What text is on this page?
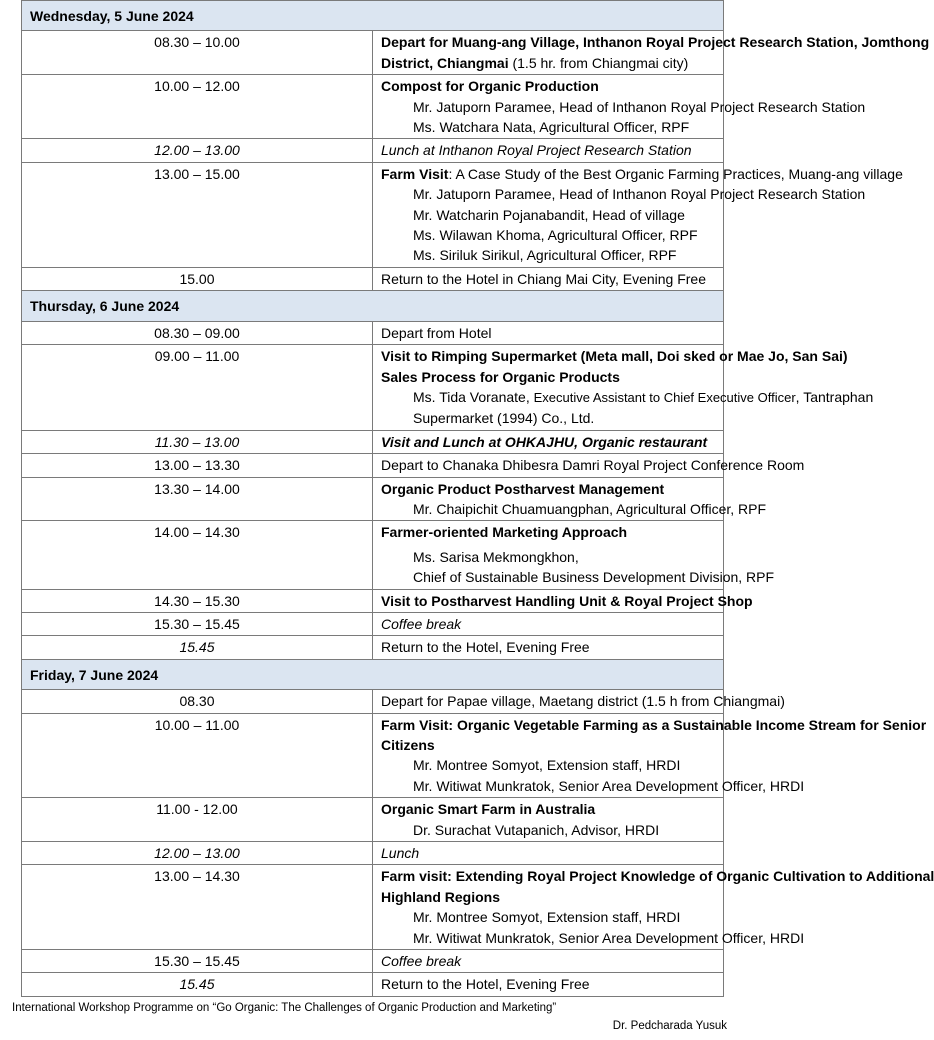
Wednesday, 5 June 2024	
08.30 – 10.00	Depart for Muang-ang Village, Inthanon Royal Project Research Station, Jomthong
District, Chiangmai (1.5 hr. from Chiangmai city)

10.00 – 12.00	Compost for Organic Production
Mr. Jatuporn Paramee, Head of Inthanon Royal Project Research Station
Ms. Watchara Nata, Agricultural Officer, RPF

12.00 – 13.00	Lunch at Inthanon Royal Project Research Station

13.00 – 15.00	Farm Visit: A Case Study of the Best Organic Farming Practices, Muang-ang village
Mr. Jatuporn Paramee, Head of Inthanon Royal Project Research Station
Mr. Watcharin Pojanabandit, Head of village
Ms. Wilawan Khoma, Agricultural Officer, RPF
Ms. Siriluk Sirikul, Agricultural Officer, RPF

15.00	Return to the Hotel in Chiang Mai City, Evening Free

Thursday, 6 June 2024	
08.30 – 09.00	Depart from Hotel

09.00 – 11.00	Visit to Rimping Supermarket (Meta mall, Doi sked or Mae Jo, San Sai)
Sales Process for Organic Products
Ms. Tida Voranate, Executive Assistant to Chief Executive Officer, Tantraphan
Supermarket (1994) Co., Ltd.

11.30 – 13.00	Visit and Lunch at OHKAJHU, Organic restaurant

13.00 – 13.30	Depart to Chanaka Dhibesra Damri Royal Project Conference Room

13.30 – 14.00	Organic Product Postharvest Management
Mr. Chaipichit Chuamuangphan, Agricultural Officer, RPF

14.00 – 14.30	Farmer-oriented Marketing Approach

Ms. Sarisa Mekmongkhon,
Chief of Sustainable Business Development Division, RPF

14.30 – 15.30	Visit to Postharvest Handling Unit & Royal Project Shop

15.30 – 15.45	Coffee break

15.45	Return to the Hotel, Evening Free

Friday, 7 June 2024	
08.30	Depart for Papae village, Maetang district (1.5 h from Chiangmai)

10.00 – 11.00	Farm Visit: Organic Vegetable Farming as a Sustainable Income Stream for Senior
Citizens
Mr. Montree Somyot, Extension staff, HRDI
Mr. Witiwat Munkratok, Senior Area Development Officer, HRDI

11.00 - 12.00	Organic Smart Farm in Australia
Dr. Surachat Vutapanich, Advisor, HRDI

12.00 – 13.00	Lunch

13.00 – 14.30	Farm visit: Extending Royal Project Knowledge of Organic Cultivation to Additional
Highland Regions
Mr. Montree Somyot, Extension staff, HRDI
Mr. Witiwat Munkratok, Senior Area Development Officer, HRDI

15.30 – 15.45	Coffee break

15.45	Return to the Hotel, Evening Free
International Workshop Programme on “Go Organic: The Challenges of Organic Production and Marketing”
Dr. Pedcharada Yusuk
